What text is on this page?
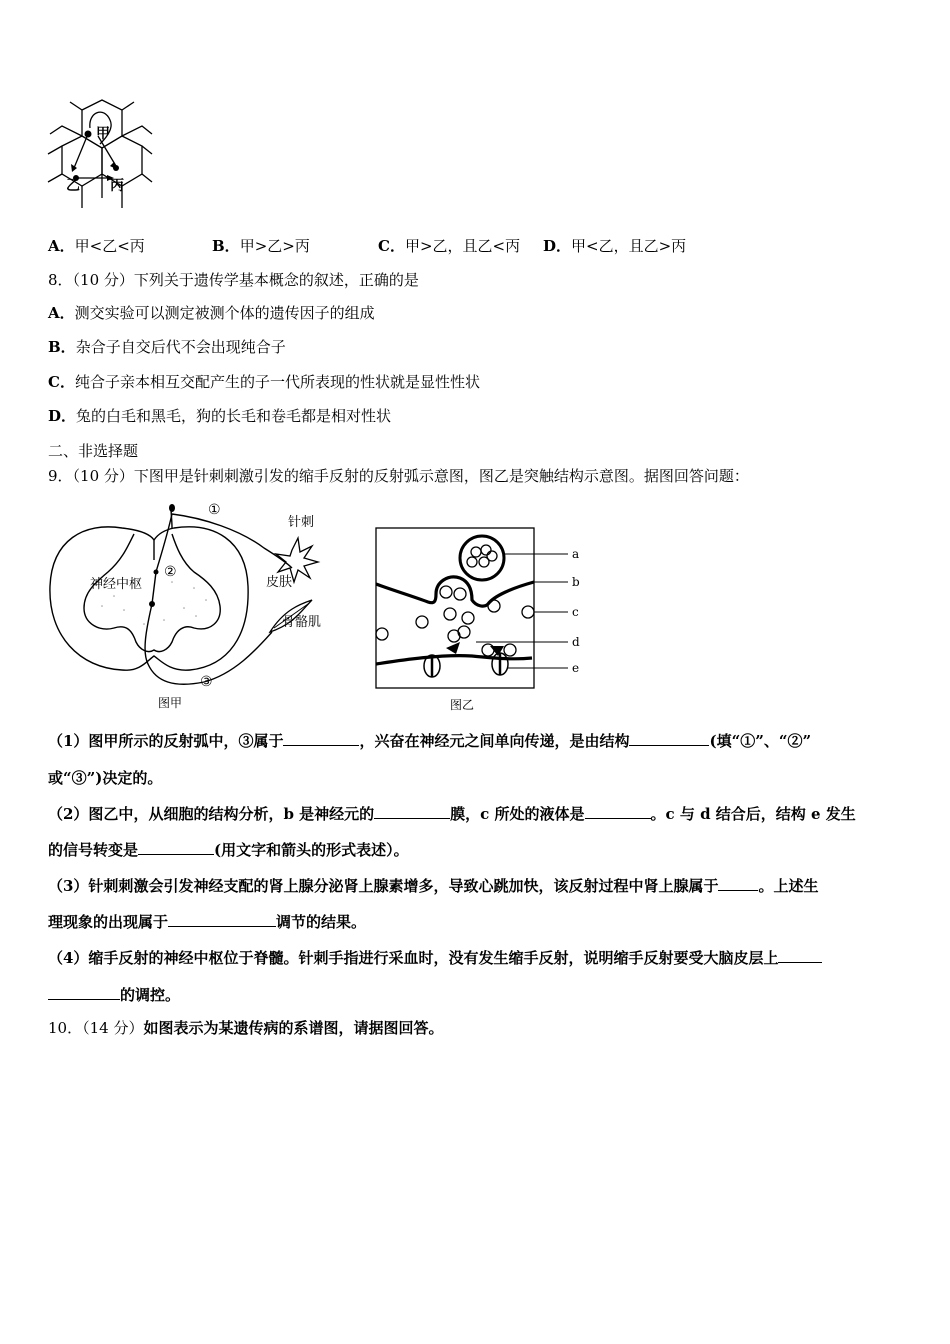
甲
乙 丙
A．甲<乙<丙	B．甲>乙>丙	C．甲>乙，且乙<丙 D．甲<乙，且乙>丙
8．（10 分）下列关于遗传学基本概念的叙述，正确的是
A．测交实验可以测定被测个体的遗传因子的组成
B．杂合子自交后代不会出现纯合子
C．纯合子亲本相互交配产生的子一代所表现的性状就是显性性状
D．兔的白毛和黑毛，狗的长毛和卷毛都是相对性状
二、非选择题
9．（10 分）下图甲是针刺刺激引发的缩手反射的反射弧示意图，图乙是突触结构示意图。据图回答问题：
①
②
③
神经中枢
针刺
皮肤
骨骼肌
图甲
a
b
c
d
e
图乙
（1）图甲所示的反射弧中，③属于	，兴奋在神经元之间单向传递，是由结构	(填“①”、“②”
或“③”)决定的。
（2）图乙中，从细胞的结构分析，b 是神经元的	膜，c 所处的液体是	。c 与 d 结合后，结构 e 发生
的信号转变是	(用文字和箭头的形式表述）。
（3）针刺刺激会引发神经支配的肾上腺分泌肾上腺素增多，导致心跳加快，该反射过程中肾上腺属于	。上述生
理现象的出现属于	调节的结果。
（4）缩手反射的神经中枢位于脊髓。针刺手指进行采血时，没有发生缩手反射，说明缩手反射要受大脑皮层上
的调控。
10．（14 分）如图表示为某遗传病的系谱图，请据图回答。
